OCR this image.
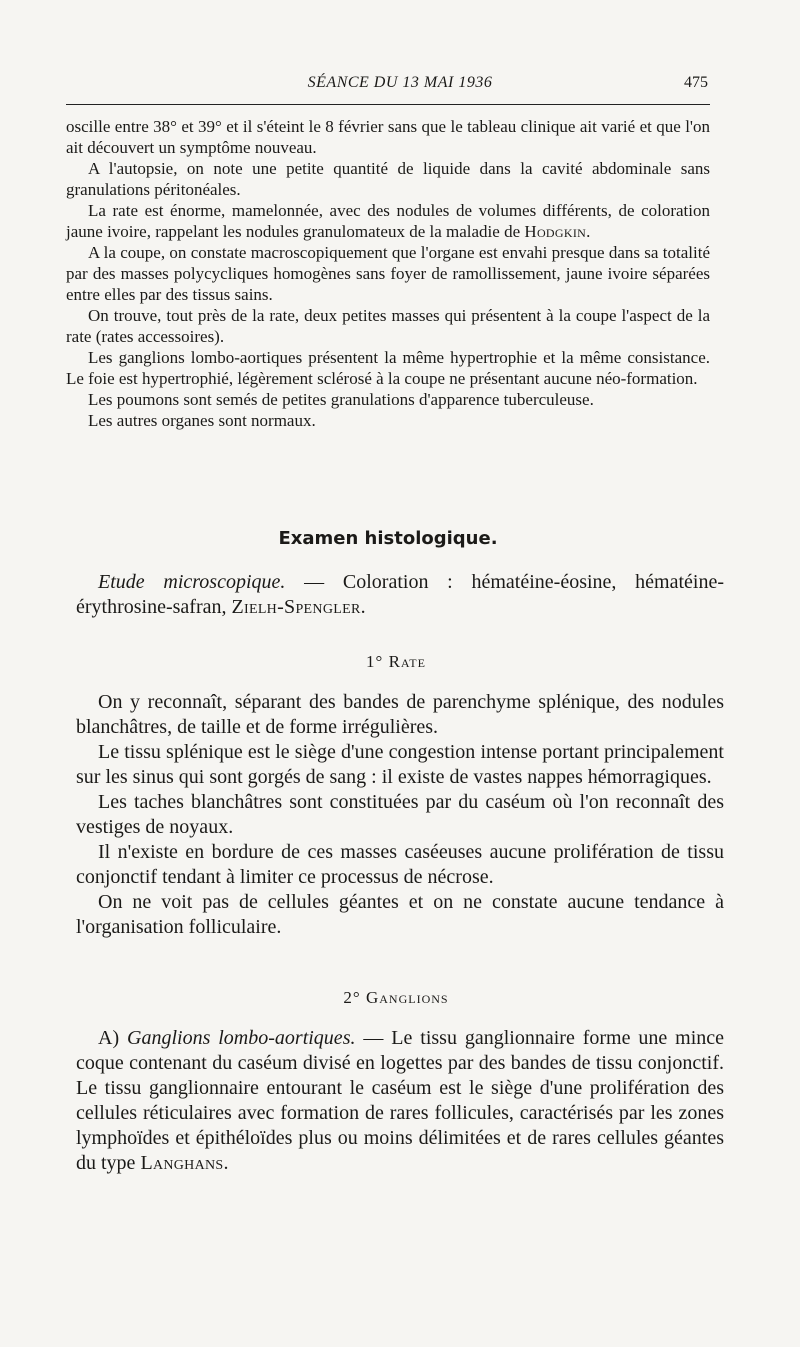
SÉANCE DU 13 MAI 1936	475

oscille entre 38° et 39° et il s'éteint le 8 février sans que le tableau clinique ait varié et que l'on ait découvert un symptôme nouveau.

A l'autopsie, on note une petite quantité de liquide dans la cavité abdominale sans granulations péritonéales.

La rate est énorme, mamelonnée, avec des nodules de volumes différents, de coloration jaune ivoire, rappelant les nodules granulomateux de la maladie de Hodgkin.

A la coupe, on constate macroscopiquement que l'organe est envahi presque dans sa totalité par des masses polycycliques homogènes sans foyer de ramollissement, jaune ivoire séparées entre elles par des tissus sains.

On trouve, tout près de la rate, deux petites masses qui présentent à la coupe l'aspect de la rate (rates accessoires).

Les ganglions lombo-aortiques présentent la même hypertrophie et la même consistance. Le foie est hypertrophié, légèrement sclérosé à la coupe ne présentant aucune néo-formation.

Les poumons sont semés de petites granulations d'apparence tuberculeuse.

Les autres organes sont normaux.

Examen histologique.

Etude microscopique. — Coloration : hématéine-éosine, hématéine-érythrosine-safran, Zielh-Spengler.

1° Rate

On y reconnaît, séparant des bandes de parenchyme splénique, des nodules blanchâtres, de taille et de forme irrégulières.

Le tissu splénique est le siège d'une congestion intense portant principalement sur les sinus qui sont gorgés de sang : il existe de vastes nappes hémorragiques.

Les taches blanchâtres sont constituées par du caséum où l'on reconnaît des vestiges de noyaux.

Il n'existe en bordure de ces masses caséeuses aucune prolifération de tissu conjonctif tendant à limiter ce processus de nécrose.

On ne voit pas de cellules géantes et on ne constate aucune tendance à l'organisation folliculaire.

2° Ganglions

A) Ganglions lombo-aortiques. — Le tissu ganglionnaire forme une mince coque contenant du caséum divisé en logettes par des bandes de tissu conjonctif. Le tissu ganglionnaire entourant le caséum est le siège d'une prolifération des cellules réticulaires avec formation de rares follicules, caractérisés par les zones lymphoïdes et épithéloïdes plus ou moins délimitées et de rares cellules géantes du type Langhans.
